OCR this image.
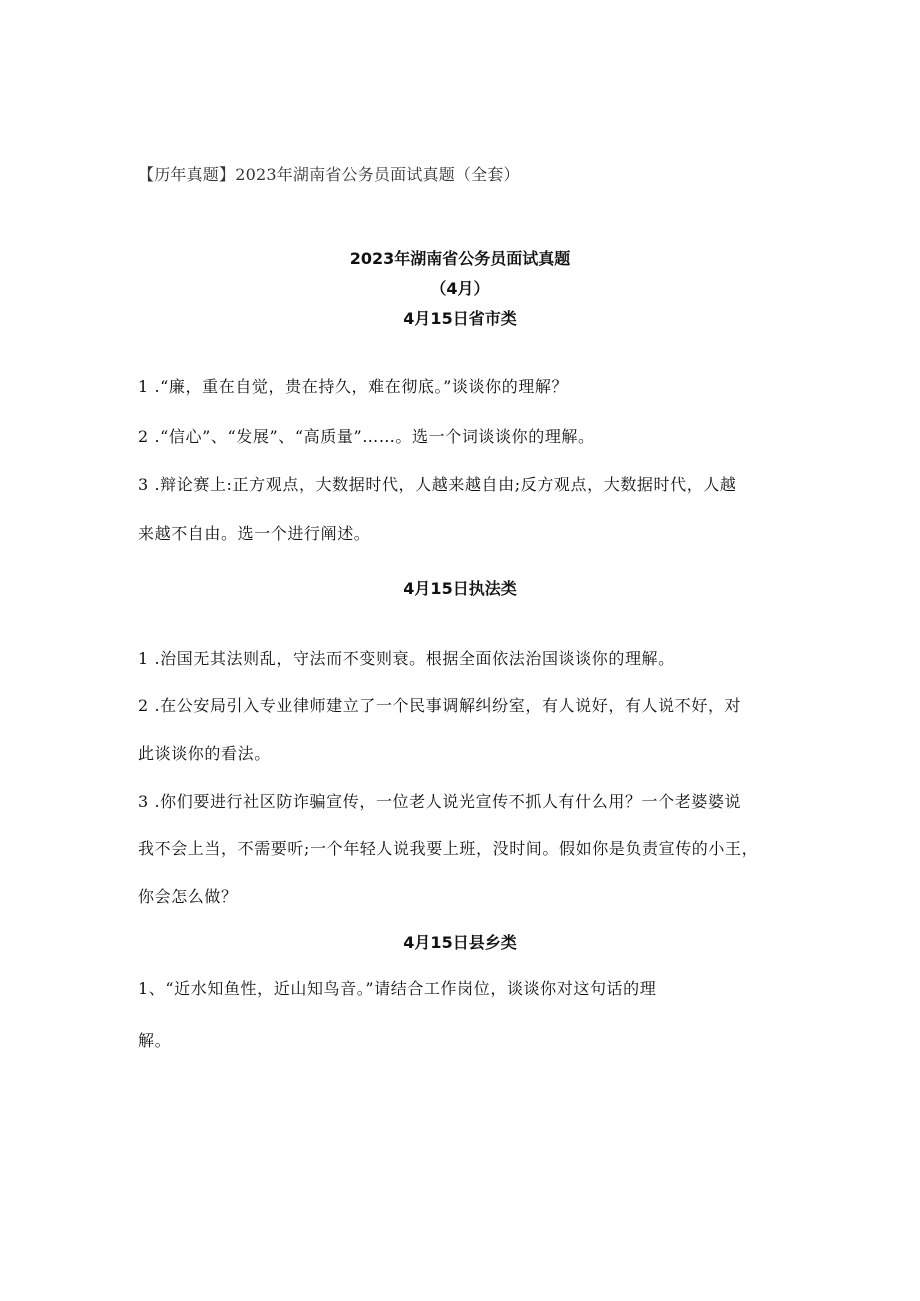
【历年真题】2023年湖南省公务员面试真题（全套）
2023年湖南省公务员面试真题
（4月）
4月15日省市类
1 .“廉，重在自觉，贵在持久，难在彻底。”谈谈你的理解？
2 .“信心”、“发展”、“高质量”……。选一个词谈谈你的理解。
3 .辩论赛上:正方观点，大数据时代，人越来越自由;反方观点，大数据时代，人越
来越不自由。选一个进行阐述。
4月15日执法类
1 .治国无其法则乱，守法而不变则衰。根据全面依法治国谈谈你的理解。
2 .在公安局引入专业律师建立了一个民事调解纠纷室，有人说好，有人说不好，对
此谈谈你的看法。
3 .你们要进行社区防诈骗宣传，一位老人说光宣传不抓人有什么用？一个老婆婆说
我不会上当，不需要听;一个年轻人说我要上班，没时间。假如你是负责宣传的小王，
你会怎么做？
4月15日县乡类
1、“近水知鱼性，近山知鸟音。”请结合工作岗位，谈谈你对这句话的理
解。
